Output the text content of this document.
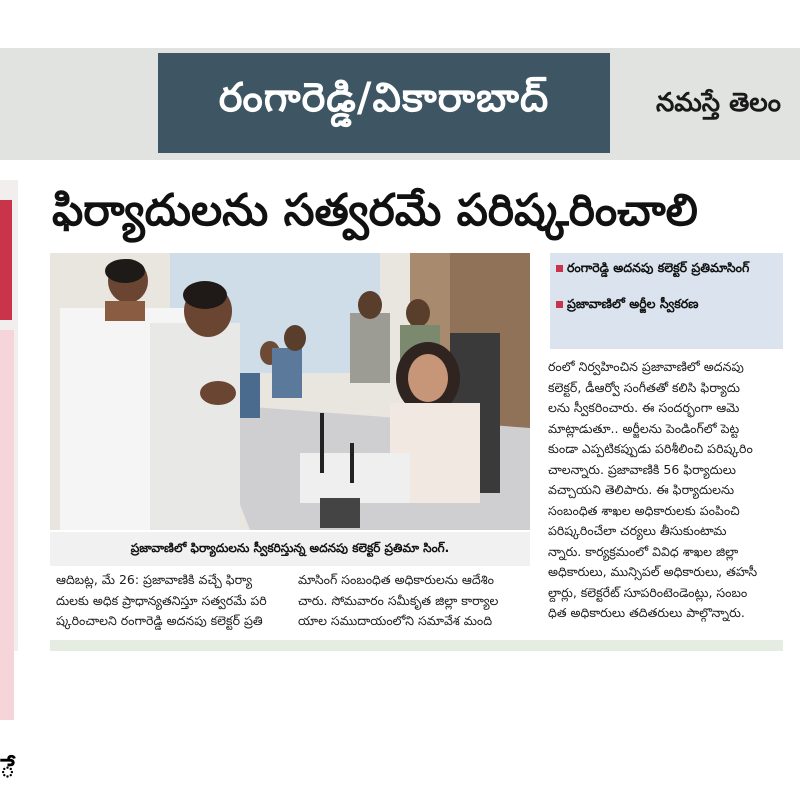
రంగారెడ్డి/వికారాబాద్	నమస్తే తెలం
ే
ఫిర్యాదులను సత్వరమే పరిష్కరించాలి
ప్రజావాణిలో ఫిర్యాదులను స్వీకరిస్తున్న అదనపు కలెక్టర్ ప్రతిమా సింగ్.
రంగారెడ్డి అదనపు కలెక్టర్ ప్రతిమాసింగ్
ప్రజావాణిలో అర్జీల స్వీకరణ
రంలో నిర్వహించిన ప్రజావాణిలో అదనపు
కలెక్టర్, డీఆర్వో సంగీతతో కలిసి ఫిర్యాదు
లను స్వీకరించారు. ఈ సందర్భంగా ఆమె
మాట్లాడుతూ.. అర్జీలను పెండింగ్‌లో పెట్ట
కుండా ఎప్పటికప్పుడు పరిశీలించి పరిష్కరిం
చాలన్నారు. ప్రజావాణికి 56 ఫిర్యాదులు
వచ్చాయని తెలిపారు. ఈ ఫిర్యాదులను
సంబంధిత శాఖల అధికారులకు పంపించి
పరిష్కరించేలా చర్యలు తీసుకుంటామ
న్నారు. కార్యక్రమంలో వివిధ శాఖల జిల్లా
అధికారులు, మున్సిపల్ అధికారులు, తహసీ
ల్దార్లు, కలెక్టరేట్ సూపరింటెండెంట్లు, సంబం
ధిత అధికారులు తదితరులు పాల్గొన్నారు.
ఆదిబట్ల, మే 26: ప్రజావాణికి వచ్చే ఫిర్యా
దులకు అధిక ప్రాధాన్యతనిస్తూ సత్వరమే పరి
ష్కరించాలని రంగారెడ్డి అదనపు కలెక్టర్ ప్రతి
మాసింగ్ సంబంధిత అధికారులను ఆదేశిం
చారు. సోమవారం సమీకృత జిల్లా కార్యాల
యాల సముదాయంలోని సమావేశ మంది
